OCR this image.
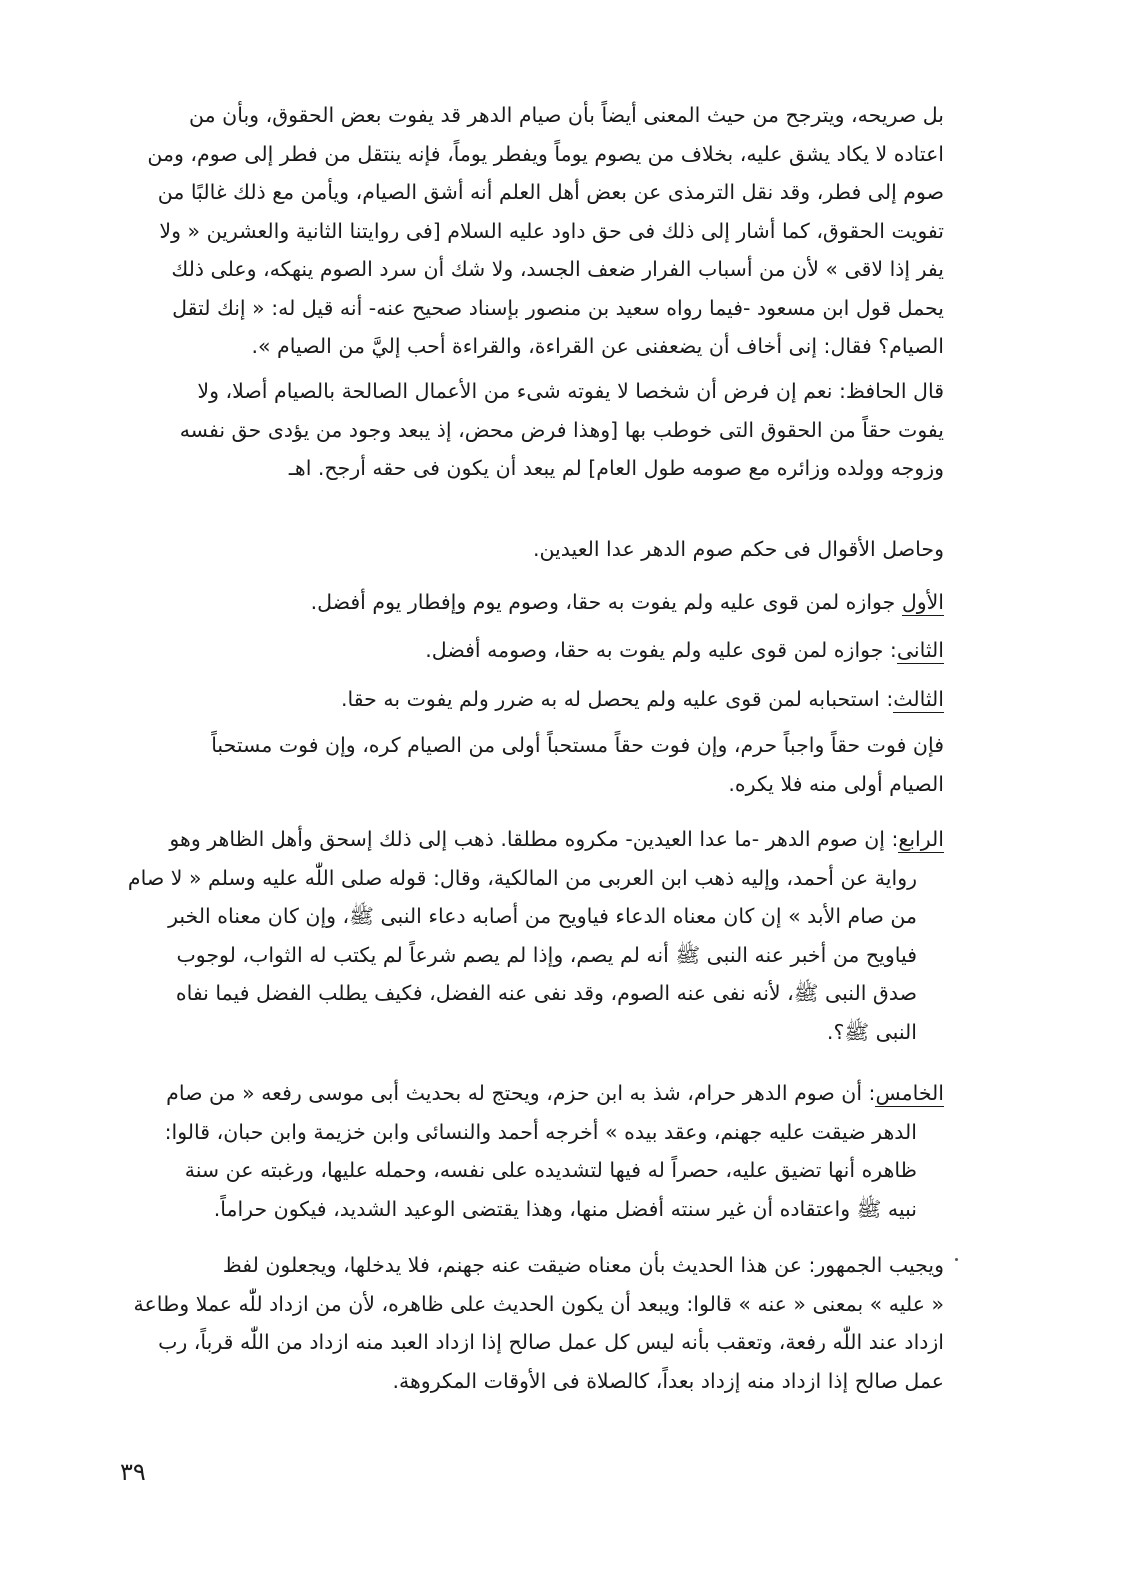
بل صريحه، ويترجح من حيث المعنى أيضاً بأن صيام الدهر قد يفوت بعض الحقوق، وبأن من
اعتاده لا يكاد يشق عليه، بخلاف من يصوم يوماً ويفطر يوماً، فإنه ينتقل من فطر إلى صوم، ومن
صوم إلى فطر، وقد نقل الترمذى عن بعض أهل العلم أنه أشق الصيام، ويأمن مع ذلك غالبًا من
تفويت الحقوق، كما أشار إلى ذلك فى حق داود عليه السلام [فى روايتنا الثانية والعشرين « ولا
يفر إذا لاقى » لأن من أسباب الفرار ضعف الجسد، ولا شك أن سرد الصوم ينهكه، وعلى ذلك
يحمل قول ابن مسعود -فيما رواه سعيد بن منصور بإسناد صحيح عنه- أنه قيل له: « إنك لتقل
الصيام؟ فقال: إنى أخاف أن يضعفنى عن القراءة، والقراءة أحب إليَّ من الصيام ».
قال الحافظ: نعم إن فرض أن شخصا لا يفوته شىء من الأعمال الصالحة بالصيام أصلا، ولا
يفوت حقاً من الحقوق التى خوطب بها [وهذا فرض محض، إذ يبعد وجود من يؤدى حق نفسه
وزوجه وولده وزائره مع صومه طول العام] لم يبعد أن يكون فى حقه أرجح. اهـ
وحاصل الأقوال فى حكم صوم الدهر عدا العيدين.
الأول جوازه لمن قوى عليه ولم يفوت به حقا، وصوم يوم وإفطار يوم أفضل.
الثانى: جوازه لمن قوى عليه ولم يفوت به حقا، وصومه أفضل.
الثالث: استحبابه لمن قوى عليه ولم يحصل له به ضرر ولم يفوت به حقا.
فإن فوت حقاً واجباً حرم، وإن فوت حقاً مستحباً أولى من الصيام كره، وإن فوت مستحباً
الصيام أولى منه فلا يكره.
الرابع: إن صوم الدهر -ما عدا العيدين- مكروه مطلقا. ذهب إلى ذلك إسحق وأهل الظاهر وهو
رواية عن أحمد، وإليه ذهب ابن العربى من المالكية، وقال: قوله صلى اللّٰه عليه وسلم « لا صام
من صام الأبد » إن كان معناه الدعاء فياويح من أصابه دعاء النبى ﷺ، وإن كان معناه الخبر
فياويح من أخبر عنه النبى ﷺ أنه لم يصم، وإذا لم يصم شرعاً لم يكتب له الثواب، لوجوب
صدق النبى ﷺ، لأنه نفى عنه الصوم، وقد نفى عنه الفضل، فكيف يطلب الفضل فيما نفاه
النبى ﷺ؟.
الخامس: أن صوم الدهر حرام، شذ به ابن حزم، ويحتج له بحديث أبى موسى رفعه « من صام
الدهر ضيقت عليه جهنم، وعقد بيده » أخرجه أحمد والنسائى وابن خزيمة وابن حبان، قالوا:
ظاهره أنها تضيق عليه، حصراً له فيها لتشديده على نفسه، وحمله عليها، ورغبته عن سنة
نبيه ﷺ واعتقاده أن غير سنته أفضل منها، وهذا يقتضى الوعيد الشديد، فيكون حراماً.
ويجيب الجمهور: عن هذا الحديث بأن معناه ضيقت عنه جهنم، فلا يدخلها، ويجعلون لفظ
« عليه » بمعنى « عنه » قالوا: ويبعد أن يكون الحديث على ظاهره، لأن من ازداد للّٰه عملا وطاعة
ازداد عند اللّٰه رفعة، وتعقب بأنه ليس كل عمل صالح إذا ازداد العبد منه ازداد من اللّٰه قرباً، رب
عمل صالح إذا ازداد منه إزداد بعداً، كالصلاة فى الأوقات المكروهة.
٣٩
